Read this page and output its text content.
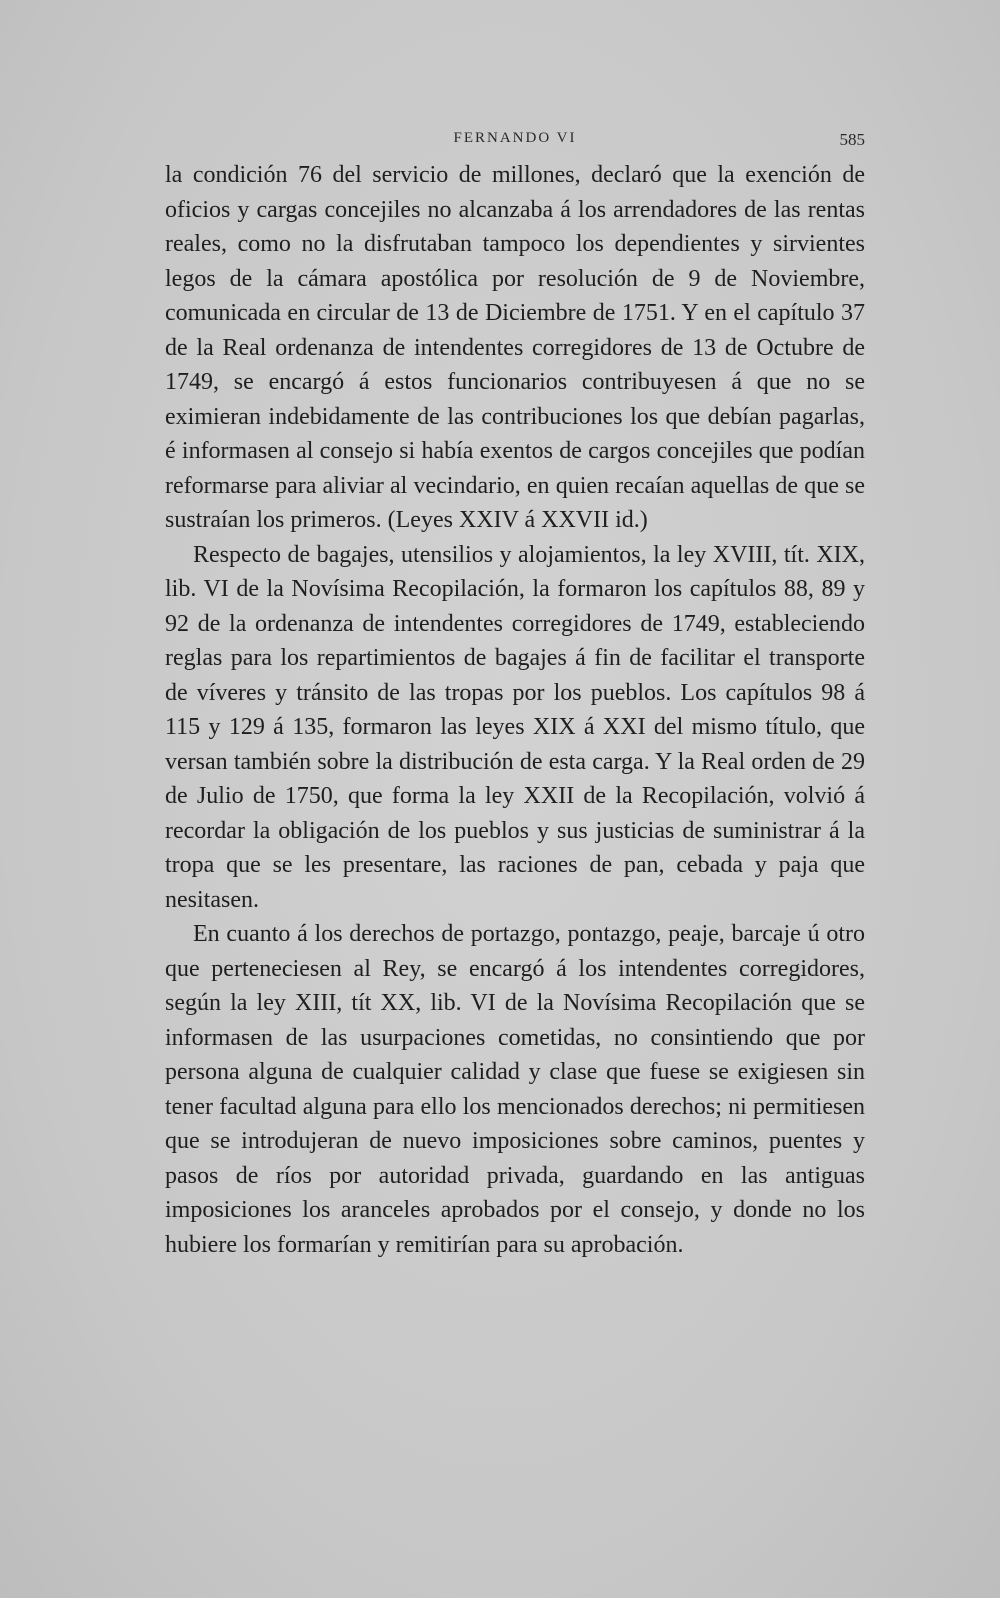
FERNANDO VI	585

la condición 76 del servicio de millones, declaró que la exención de oficios y cargas concejiles no alcanzaba á los arrendadores de las rentas reales, como no la disfrutaban tampoco los dependientes y sirvientes legos de la cámara apostólica por resolución de 9 de Noviembre, comunicada en circular de 13 de Diciembre de 1751. Y en el capítulo 37 de la Real ordenanza de intendentes corregidores de 13 de Octubre de 1749, se encargó á estos funcionarios contribuyesen á que no se eximieran indebidamente de las contribuciones los que debían pagarlas, é informasen al consejo si había exentos de cargos concejiles que podían reformarse para aliviar al vecindario, en quien recaían aquellas de que se sustraían los primeros. (Leyes XXIV á XXVII id.)

Respecto de bagajes, utensilios y alojamientos, la ley XVIII, tít. XIX, lib. VI de la Novísima Recopilación, la formaron los capítulos 88, 89 y 92 de la ordenanza de intendentes corregidores de 1749, estableciendo reglas para los repartimientos de bagajes á fin de facilitar el transporte de víveres y tránsito de las tropas por los pueblos. Los capítulos 98 á 115 y 129 á 135, formaron las leyes XIX á XXI del mismo título, que versan también sobre la distribución de esta carga. Y la Real orden de 29 de Julio de 1750, que forma la ley XXII de la Recopilación, volvió á recordar la obligación de los pueblos y sus justicias de suministrar á la tropa que se les presentare, las raciones de pan, cebada y paja que nesitasen.

En cuanto á los derechos de portazgo, pontazgo, peaje, barcaje ú otro que perteneciesen al Rey, se encargó á los intendentes corregidores, según la ley XIII, tít XX, lib. VI de la Novísima Recopilación que se informasen de las usurpaciones cometidas, no consintiendo que por persona alguna de cualquier calidad y clase que fuese se exigiesen sin tener facultad alguna para ello los mencionados derechos; ni permitiesen que se introdujeran de nuevo imposiciones sobre caminos, puentes y pasos de ríos por autoridad privada, guardando en las antiguas imposiciones los aranceles aprobados por el consejo, y donde no los hubiere los formarían y remitirían para su aprobación.
